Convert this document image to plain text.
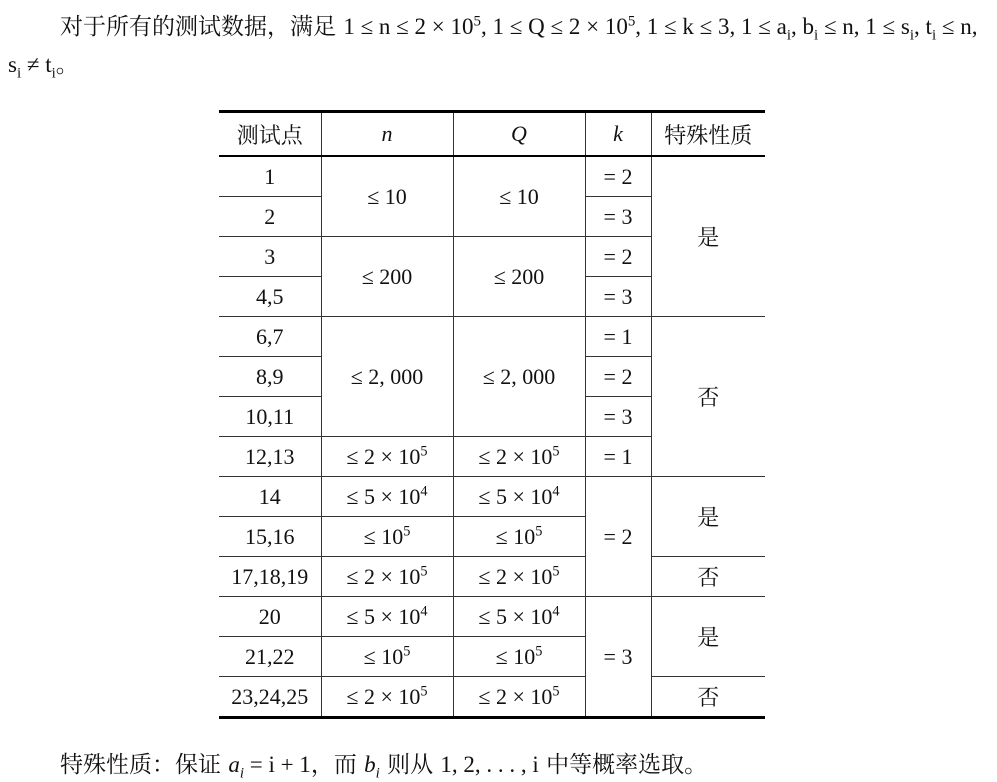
对于所有的测试数据，满足 $1 \le n \le 2 \times 10^5$, $1 \le Q \le 2 \times 10^5$, 1 ≤ k ≤ 3, $1 \le a_i$, $b_i \le n$, $1 \le s_i$, $t_i \le n$, $s_i \ne t_i$。

测试点	n	Q	k	特殊性质
1	≤ 10	≤ 10	= 2	是
2			= 3	
3	≤ 200	≤ 200	= 2	
4,5			= 3	
6,7	≤ 2, 000	≤ 2, 000	= 1	否
8,9			= 2	
10,11			= 3	
12,13	≤ $2 \times 10^5$	≤ $2 \times 10^5$	= 1	
14	≤ $5 \times 10^4$	≤ $5 \times 10^4$	= 2	是
15,16	≤ $10^5$	≤ $10^5$
17,18,19	≤ $2 \times 10^5$	≤ $2 \times 10^5$		否
20	≤ $5 \times 10^4$	≤ $5 \times 10^4$	= 3	是
21,22	≤ $10^5$	≤ $10^5$
23,24,25	≤ $2 \times 10^5$	≤ $2 \times 10^5$		否

特殊性质：保证 $a_i = i + 1$，而 $b_i$ 则从 1, 2, . . . , i 中等概率选取。
